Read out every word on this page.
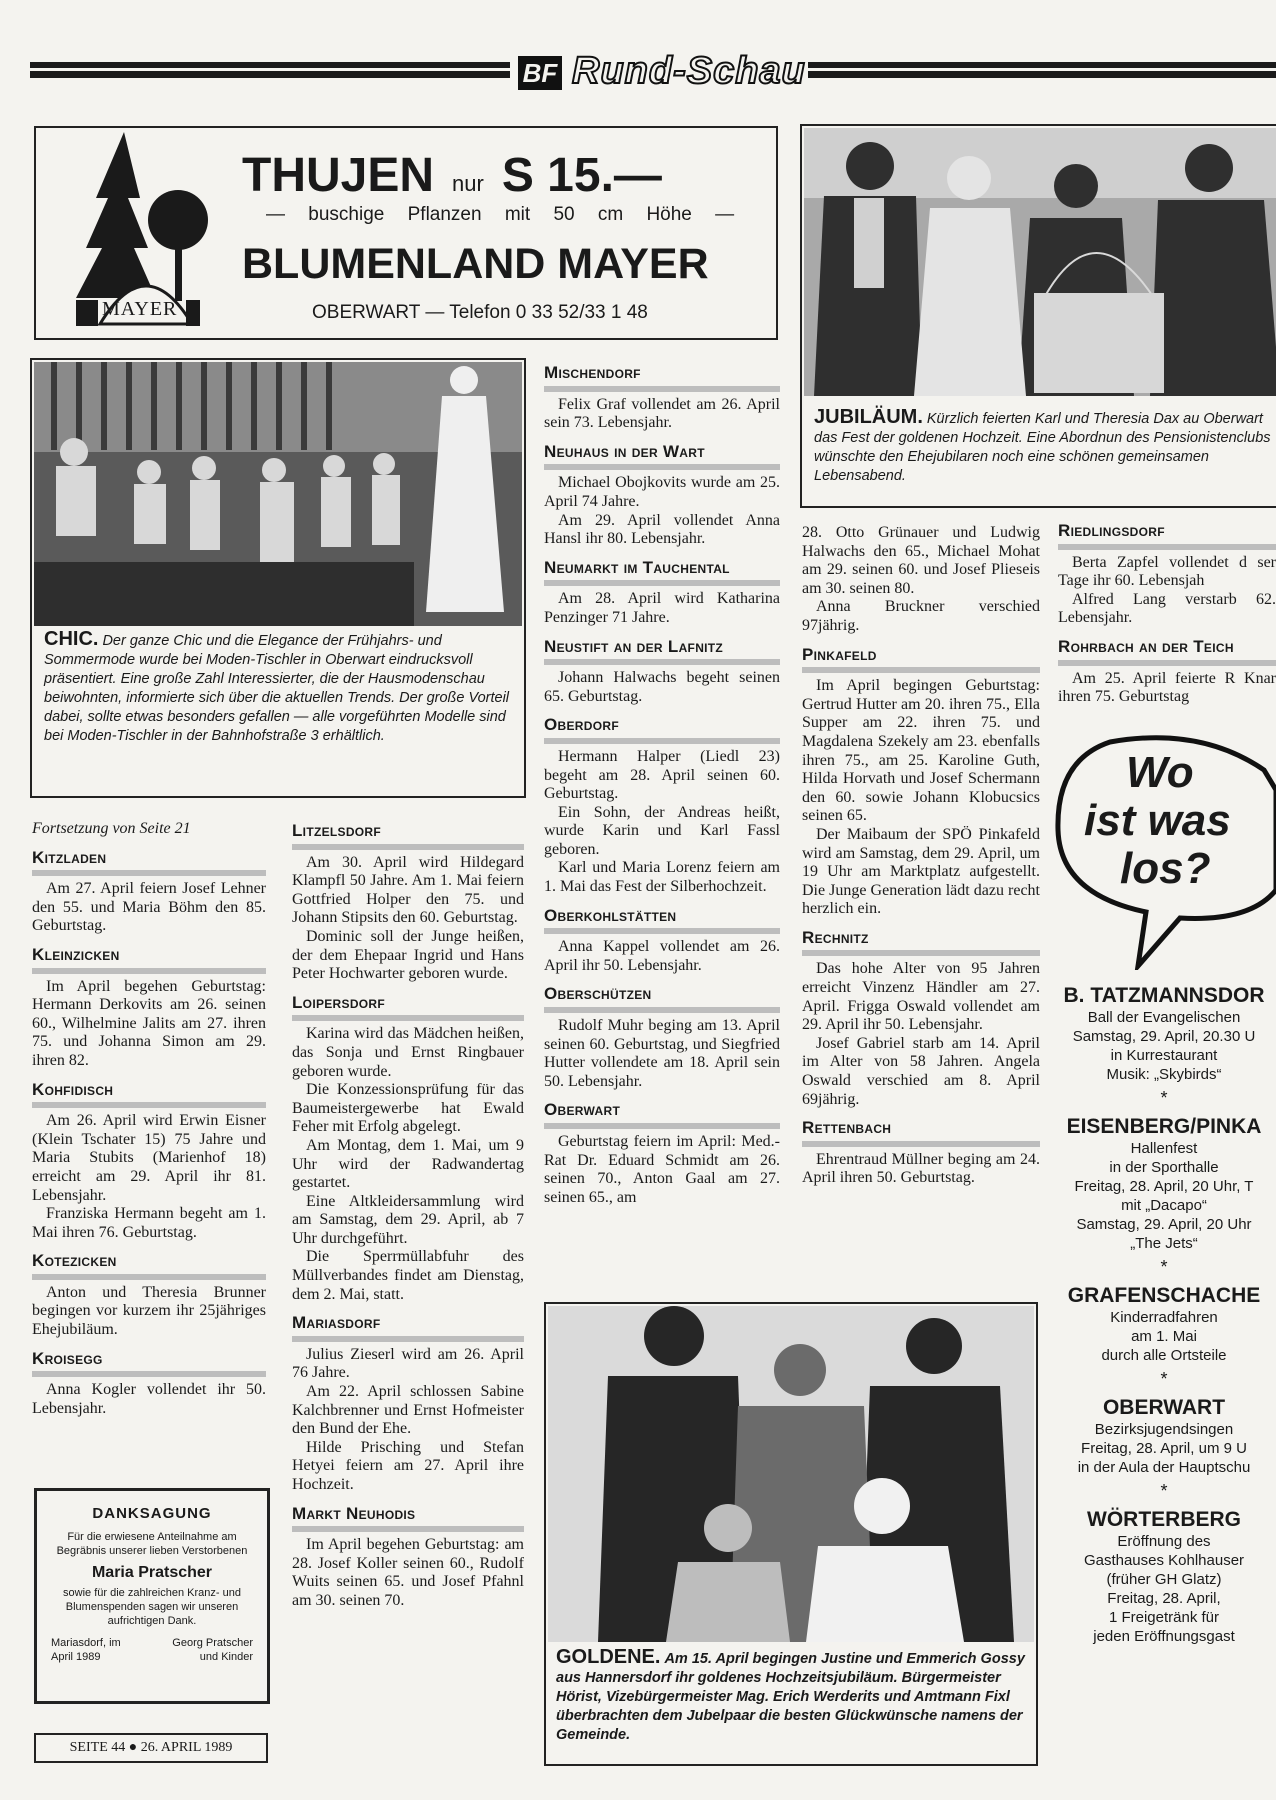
BF Rund-Schau
MAYER
THUJEN nur S 15.—
— buschige Pflanzen mit 50 cm Höhe —
BLUMENLAND MAYER
OBERWART — Telefon 0 33 52/33 1 48
CHIC. Der ganze Chic und die Elegance der Frühjahrs- und Sommermode wurde bei Moden-Tischler in Oberwart eindrucksvoll präsentiert. Eine große Zahl Interessierter, die der Hausmodenschau beiwohnten, informierte sich über die aktuellen Trends. Der große Vorteil dabei, sollte etwas besonders gefallen — alle vorgeführten Modelle sind bei Moden-Tischler in der Bahnhofstraße 3 erhältlich.
JUBILÄUM. Kürzlich feierten Karl und Theresia Dax au Oberwart das Fest der goldenen Hochzeit. Eine Abordnun des Pensionistenclubs wünschte den Ehejubilaren noch eine schönen gemeinsamen Lebensabend.
Fortsetzung von Seite 21
Kitzladen

Am 27. April feiern Josef Lehner den 55. und Maria Böhm den 85. Geburtstag.

Kleinzicken

Im April begehen Geburtstag: Hermann Derkovits am 26. seinen 60., Wilhelmine Jalits am 27. ihren 75. und Johanna Simon am 29. ihren 82.

Kohfidisch

Am 26. April wird Erwin Eisner (Klein Tschater 15) 75 Jahre und Maria Stubits (Marienhof 18) erreicht am 29. April ihr 81. Lebensjahr.

Franziska Hermann begeht am 1. Mai ihren 76. Geburtstag.

Kotezicken

Anton und Theresia Brunner begingen vor kurzem ihr 25jähriges Ehejubiläum.

Kroisegg

Anna Kogler vollendet ihr 50. Lebensjahr.

Litzelsdorf

Am 30. April wird Hildegard Klampfl 50 Jahre. Am 1. Mai feiern Gottfried Holper den 75. und Johann Stipsits den 60. Geburtstag.

Dominic soll der Junge heißen, der dem Ehepaar Ingrid und Hans Peter Hochwarter geboren wurde.

Loipersdorf

Karina wird das Mädchen heißen, das Sonja und Ernst Ringbauer geboren wurde.

Die Konzessionsprüfung für das Baumeistergewerbe hat Ewald Feher mit Erfolg abgelegt.

Am Montag, dem 1. Mai, um 9 Uhr wird der Radwandertag gestartet.

Eine Altkleidersammlung wird am Samstag, dem 29. April, ab 7 Uhr durchgeführt.

Die Sperrmüllabfuhr des Müllverbandes findet am Dienstag, dem 2. Mai, statt.

Mariasdorf

Julius Zieserl wird am 26. April 76 Jahre.

Am 22. April schlossen Sabine Kalchbrenner und Ernst Hofmeister den Bund der Ehe.

Hilde Prisching und Stefan Hetyei feiern am 27. April ihre Hochzeit.

Markt Neuhodis

Im April begehen Geburtstag: am 28. Josef Koller seinen 60., Rudolf Wuits seinen 65. und Josef Pfahnl am 30. seinen 70.

Mischendorf

Felix Graf vollendet am 26. April sein 73. Lebensjahr.

Neuhaus in der Wart

Michael Obojkovits wurde am 25. April 74 Jahre.

Am 29. April vollendet Anna Hansl ihr 80. Lebensjahr.

Neumarkt im Tauchental

Am 28. April wird Katharina Penzinger 71 Jahre.

Neustift an der Lafnitz

Johann Halwachs begeht seinen 65. Geburtstag.

Oberdorf

Hermann Halper (Liedl 23) begeht am 28. April seinen 60. Geburtstag.

Ein Sohn, der Andreas heißt, wurde Karin und Karl Fassl geboren.

Karl und Maria Lorenz feiern am 1. Mai das Fest der Silberhochzeit.

Oberkohlstätten

Anna Kappel vollendet am 26. April ihr 50. Lebensjahr.

Oberschützen

Rudolf Muhr beging am 13. April seinen 60. Geburtstag, und Siegfried Hutter vollendete am 18. April sein 50. Lebensjahr.

Oberwart

Geburtstag feiern im April: Med.-Rat Dr. Eduard Schmidt am 26. seinen 70., Anton Gaal am 27. seinen 65., am

28. Otto Grünauer und Ludwig Halwachs den 65., Michael Mohat am 29. seinen 60. und Josef Plieseis am 30. seinen 80.

Anna Bruckner verschied 97jährig.

Pinkafeld

Im April begingen Geburtstag: Gertrud Hutter am 20. ihren 75., Ella Supper am 22. ihren 75. und Magdalena Szekely am 23. ebenfalls ihren 75., am 25. Karoline Guth, Hilda Horvath und Josef Schermann den 60. sowie Johann Klobucsics seinen 65.

Der Maibaum der SPÖ Pinkafeld wird am Samstag, dem 29. April, um 19 Uhr am Marktplatz aufgestellt. Die Junge Generation lädt dazu recht herzlich ein.

Rechnitz

Das hohe Alter von 95 Jahren erreicht Vinzenz Händler am 27. April. Frigga Oswald vollendet am 29. April ihr 50. Lebensjahr.

Josef Gabriel starb am 14. April im Alter von 58 Jahren. Angela Oswald verschied am 8. April 69jährig.

Rettenbach

Ehrentraud Müllner beging am 24. April ihren 50. Geburtstag.

Riedlingsdorf

Berta Zapfel vollendet d ser Tage ihr 60. Lebensjah

Alfred Lang verstarb 62. Lebensjahr.

Rohrbach an der Teich

Am 25. April feierte R Knar ihren 75. Geburtstag

GOLDENE. Am 15. April begingen Justine und Emmerich Gossy aus Hannersdorf ihr goldenes Hochzeitsjubiläum. Bürgermeister Hörist, Vizebürgermeister Mag. Erich Werderits und Amtmann Fixl überbrachten dem Jubelpaar die besten Glückwünsche namens der Gemeinde.
Wo
ist was
los?
B. TATZMANNSDOR
Ball der Evangelischen
Samstag, 29. April, 20.30 U
in Kurrestaurant
Musik: „Skybirds“
*
EISENBERG/PINKA
Hallenfest
in der Sporthalle
Freitag, 28. April, 20 Uhr, T
mit „Dacapo“
Samstag, 29. April, 20 Uhr
„The Jets“
*
GRAFENSCHACHE
Kinderradfahren
am 1. Mai
durch alle Ortsteile
*
OBERWART
Bezirksjugendsingen
Freitag, 28. April, um 9 U
in der Aula der Hauptschu
*
WÖRTERBERG
Eröffnung des
Gasthauses Kohlhauser
(früher GH Glatz)
Freitag, 28. April,
1 Freigetränk für
jeden Eröffnungsgast
DANKSAGUNG
Für die erwiesene Anteilnahme am Begräbnis unserer lieben Verstorbenen
Maria Pratscher
sowie für die zahlreichen Kranz- und Blumenspenden sagen wir unseren aufrichtigen Dank.
Mariasdorf, im April 1989
Georg Pratscher und Kinder
SEITE 44 ● 26. APRIL 1989
